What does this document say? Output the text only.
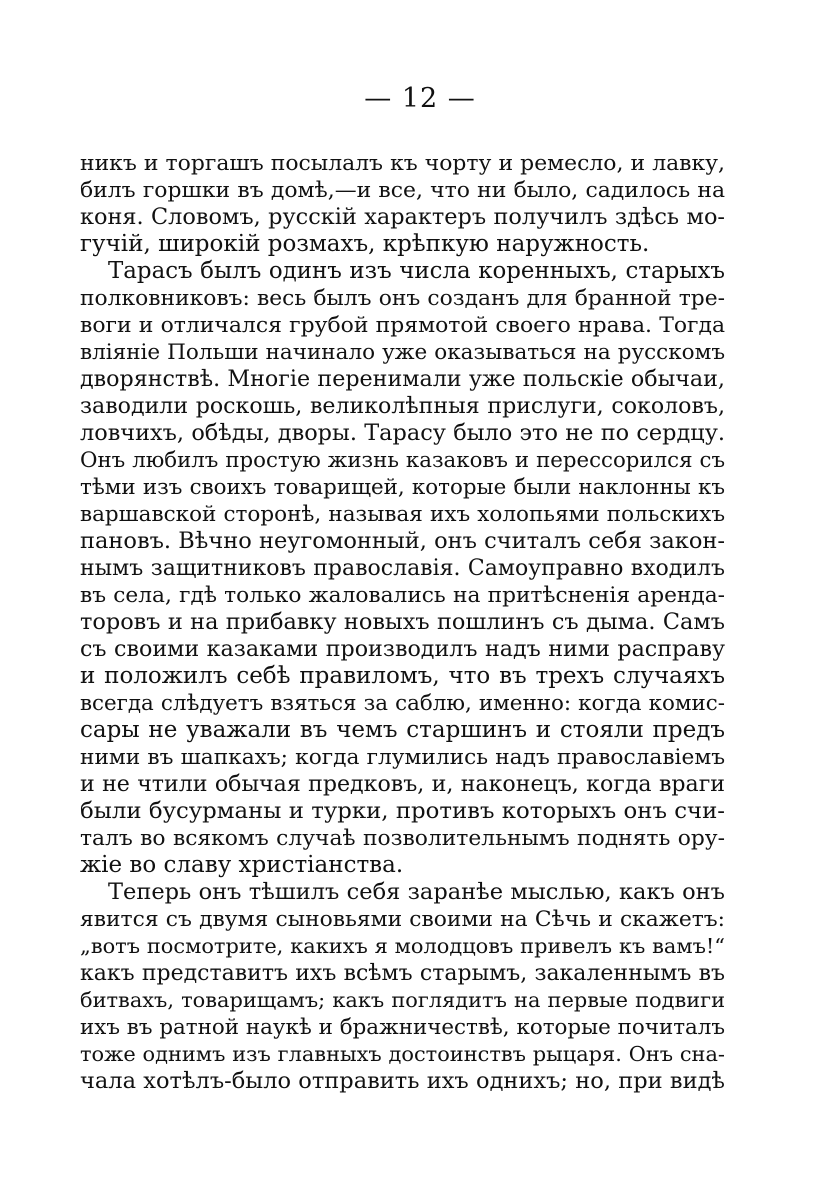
— 12 —
никъ и торгашъ посылалъ къ чорту и ремесло, и лавку,
билъ горшки въ домѣ,—и все, что ни было, садилось на
коня. Словомъ, русскій характеръ получилъ здѣсь мо-
гучій, широкій розмахъ, крѣпкую наружность.
Тарасъ былъ одинъ изъ числа коренныхъ, старыхъ
полковниковъ: весь былъ онъ созданъ для бранной тре-
воги и отличался грубой прямотой своего нрава. Тогда
вліяніе Польши начинало уже оказываться на русскомъ
дворянствѣ. Многіе перенимали уже польскіе обычаи,
заводили роскошь, великолѣпныя прислуги, соколовъ,
ловчихъ, обѣды, дворы. Тарасу было это не по сердцу.
Онъ любилъ простую жизнь казаковъ и перессорился съ
тѣми изъ своихъ товарищей, которые были наклонны къ
варшавской сторонѣ, называя ихъ холопьями польскихъ
пановъ. Вѣчно неугомонный, онъ считалъ себя закон-
нымъ защитниковъ православія. Самоуправно входилъ
въ села, гдѣ только жаловались на притѣсненія аренда-
торовъ и на прибавку новыхъ пошлинъ съ дыма. Самъ
съ своими казаками производилъ надъ ними расправу
и положилъ себѣ правиломъ, что въ трехъ случаяхъ
всегда слѣдуетъ взяться за саблю, именно: когда комис-
сары не уважали въ чемъ старшинъ и стояли предъ
ними въ шапкахъ; когда глумились надъ православіемъ
и не чтили обычая предковъ, и, наконецъ, когда враги
были бусурманы и турки, противъ которыхъ онъ счи-
талъ во всякомъ случаѣ позволительнымъ поднять ору-
жіе во славу христіанства.
Теперь онъ тѣшилъ себя заранѣе мыслью, какъ онъ
явится съ двумя сыновьями своими на Сѣчь и скажетъ:
„вотъ посмотрите, какихъ я молодцовъ привелъ къ вамъ!“
какъ представитъ ихъ всѣмъ старымъ, закаленнымъ въ
битвахъ, товарищамъ; какъ поглядитъ на первые подвиги
ихъ въ ратной наукѣ и бражничествѣ, которые почиталъ
тоже однимъ изъ главныхъ достоинствъ рыцаря. Онъ сна-
чала хотѣлъ-было отправить ихъ однихъ; но, при видѣ
